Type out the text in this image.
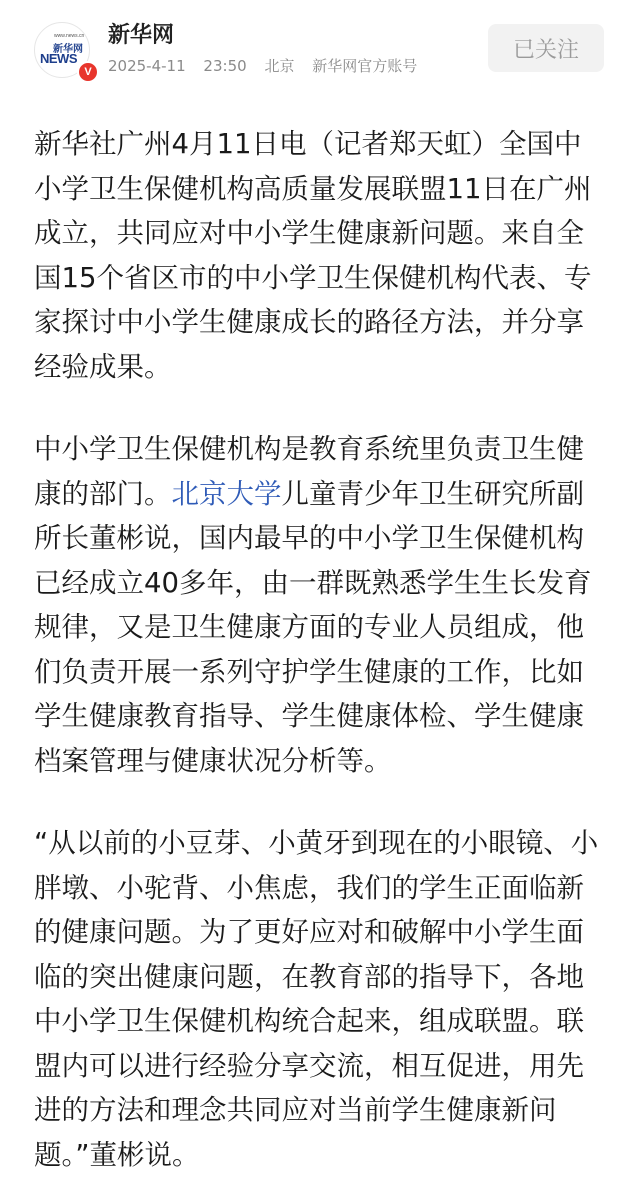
www.news.cn
新华网
NEWS
V
新华网
2025-4-11 23:50 北京 新华网官方账号
已关注

新华社广州4月11日电（记者郑天虹）全国中小学卫生保健机构高质量发展联盟11日在广州成立，共同应对中小学生健康新问题。来自全国15个省区市的中小学卫生保健机构代表、专家探讨中小学生健康成长的路径方法，并分享经验成果。

中小学卫生保健机构是教育系统里负责卫生健康的部门。北京大学儿童青少年卫生研究所副所长董彬说，国内最早的中小学卫生保健机构已经成立40多年，由一群既熟悉学生生长发育规律，又是卫生健康方面的专业人员组成，他们负责开展一系列守护学生健康的工作，比如学生健康教育指导、学生健康体检、学生健康档案管理与健康状况分析等。

“从以前的小豆芽、小黄牙到现在的小眼镜、小胖墩、小驼背、小焦虑，我们的学生正面临新的健康问题。为了更好应对和破解中小学生面临的突出健康问题，在教育部的指导下，各地中小学卫生保健机构统合起来，组成联盟。联盟内可以进行经验分享交流，相互促进，用先进的方法和理念共同应对当前学生健康新问题。”董彬说。
